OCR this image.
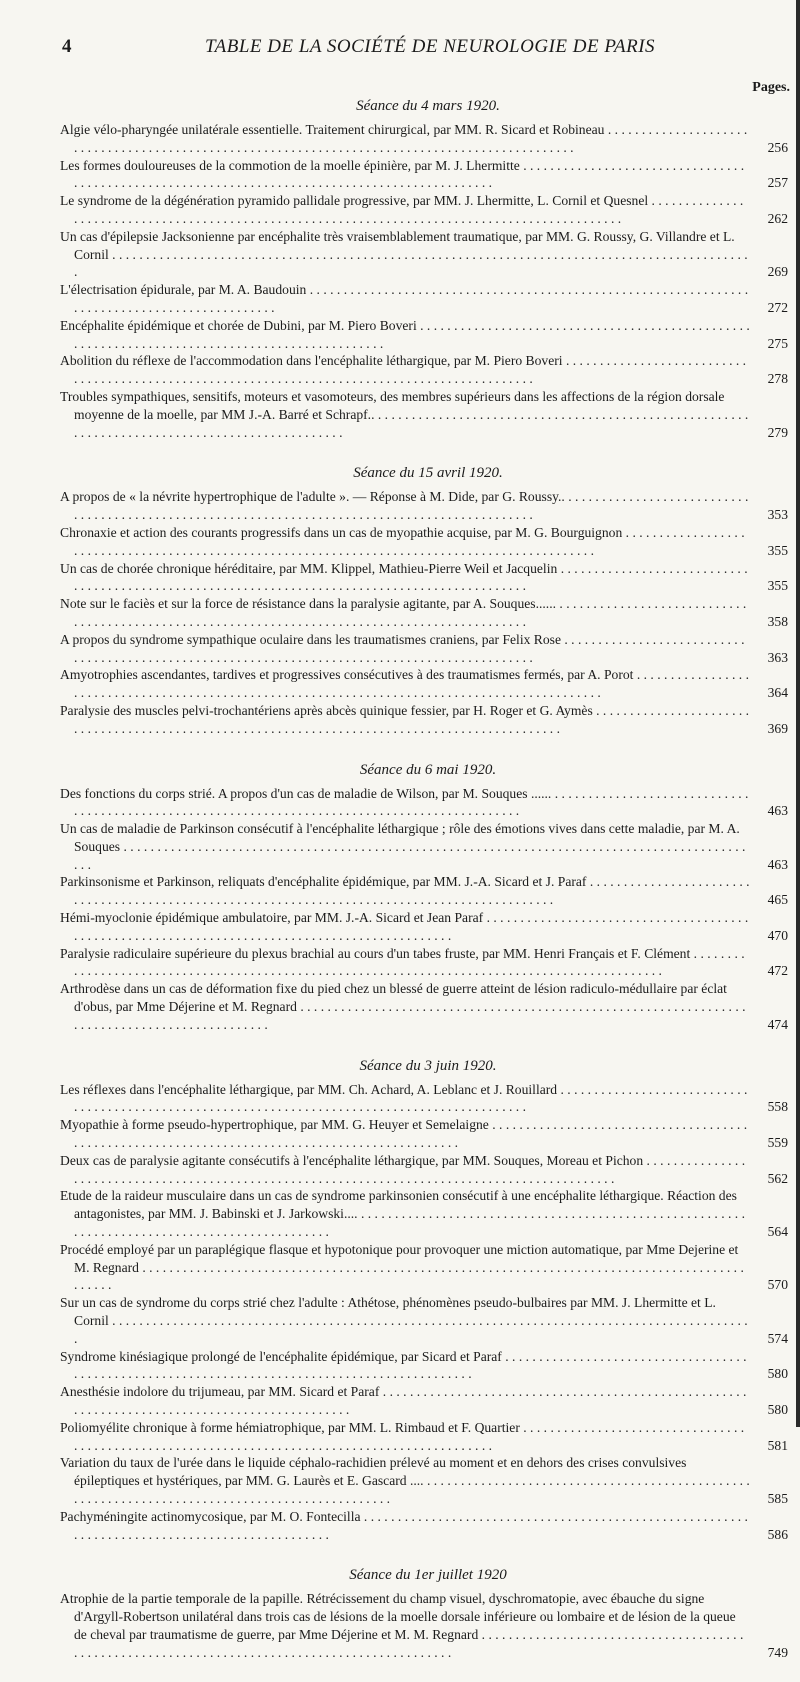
4	TABLE DE LA SOCIÉTÉ DE NEUROLOGIE DE PARIS
Pages.
Séance du 4 mars 1920.
Algie vélo-pharyngée unilatérale essentielle. Traitement chirurgical, par MM. R. Sicard et Robineau . . .
256
Les formes douloureuses de la commotion de la moelle épinière, par M. J. Lhermitte . . .
257
Le syndrome de la dégénération pyramido pallidale progressive, par MM. J. Lhermitte, L. Cornil et Quesnel . . .
262
Un cas d'épilepsie Jacksonienne par encéphalite très vraisemblablement traumatique, par MM. G. Roussy, G. Villandre et L. Cornil . . .
269
L'électrisation épidurale, par M. A. Baudouin . . .
272
Encéphalite épidémique et chorée de Dubini, par M. Piero Boveri . . .
275
Abolition du réflexe de l'accommodation dans l'encéphalite léthargique, par M. Piero Boveri . . .
278
Troubles sympathiques, sensitifs, moteurs et vasomoteurs, des membres supérieurs dans les affections de la région dorsale moyenne de la moelle, par MM J.-A. Barré et Schrapf.. . . .
279
Séance du 15 avril 1920.
A propos de « la névrite hypertrophique de l'adulte ». — Réponse à M. Dide, par G. Roussy.. . . .
353
Chronaxie et action des courants progressifs dans un cas de myopathie acquise, par M. G. Bourguignon . . .
355
Un cas de chorée chronique héréditaire, par MM. Klippel, Mathieu-Pierre Weil et Jacquelin . . .
355
Note sur le faciès et sur la force de résistance dans la paralysie agitante, par A. Souques...... . . .
358
A propos du syndrome sympathique oculaire dans les traumatismes craniens, par Felix Rose . . .
363
Amyotrophies ascendantes, tardives et progressives consécutives à des traumatismes fermés, par A. Porot . . .
364
Paralysie des muscles pelvi-trochantériens après abcès quinique fessier, par H. Roger et G. Aymès . . .
369
Séance du 6 mai 1920.
Des fonctions du corps strié. A propos d'un cas de maladie de Wilson, par M. Souques ...... . . .
463
Un cas de maladie de Parkinson consécutif à l'encéphalite léthargique ; rôle des émotions vives dans cette maladie, par M. A. Souques . . .
463
Parkinsonisme et Parkinson, reliquats d'encéphalite épidémique, par MM. J.-A. Sicard et J. Paraf . . .
465
Hémi-myoclonie épidémique ambulatoire, par MM. J.-A. Sicard et Jean Paraf . . .
470
Paralysie radiculaire supérieure du plexus brachial au cours d'un tabes fruste, par MM. Henri Français et F. Clément . . .
472
Arthrodèse dans un cas de déformation fixe du pied chez un blessé de guerre atteint de lésion radiculo-médullaire par éclat d'obus, par Mme Déjerine et M. Regnard . . .
474
Séance du 3 juin 1920.
Les réflexes dans l'encéphalite léthargique, par MM. Ch. Achard, A. Leblanc et J. Rouillard . . .
558
Myopathie à forme pseudo-hypertrophique, par MM. G. Heuyer et Semelaigne . . .
559
Deux cas de paralysie agitante consécutifs à l'encéphalite léthargique, par MM. Souques, Moreau et Pichon . . .
562
Etude de la raideur musculaire dans un cas de syndrome parkinsonien consécutif à une encéphalite léthargique. Réaction des antagonistes, par MM. J. Babinski et J. Jarkowski.... . . .
564
Procédé employé par un paraplégique flasque et hypotonique pour provoquer une miction automatique, par Mme Dejerine et M. Regnard . . .
570
Sur un cas de syndrome du corps strié chez l'adulte : Athétose, phénomènes pseudo-bulbaires par MM. J. Lhermitte et L. Cornil . . .
574
Syndrome kinésiagique prolongé de l'encéphalite épidémique, par Sicard et Paraf . . .
580
Anesthésie indolore du trijumeau, par MM. Sicard et Paraf . . .
580
Poliomyélite chronique à forme hémiatrophique, par MM. L. Rimbaud et F. Quartier . . .
581
Variation du taux de l'urée dans le liquide céphalo-rachidien prélevé au moment et en dehors des crises convulsives épileptiques et hystériques, par MM. G. Laurès et E. Gascard .... . . .
585
Pachyméningite actinomycosique, par M. O. Fontecilla . . .
586
Séance du 1er juillet 1920
Atrophie de la partie temporale de la papille. Rétrécissement du champ visuel, dyschromatopie, avec ébauche du signe d'Argyll-Robertson unilatéral dans trois cas de lésions de la moelle dorsale inférieure ou lombaire et de lésion de la queue de cheval par traumatisme de guerre, par Mme Déjerine et M. M. Regnard . . .
749
